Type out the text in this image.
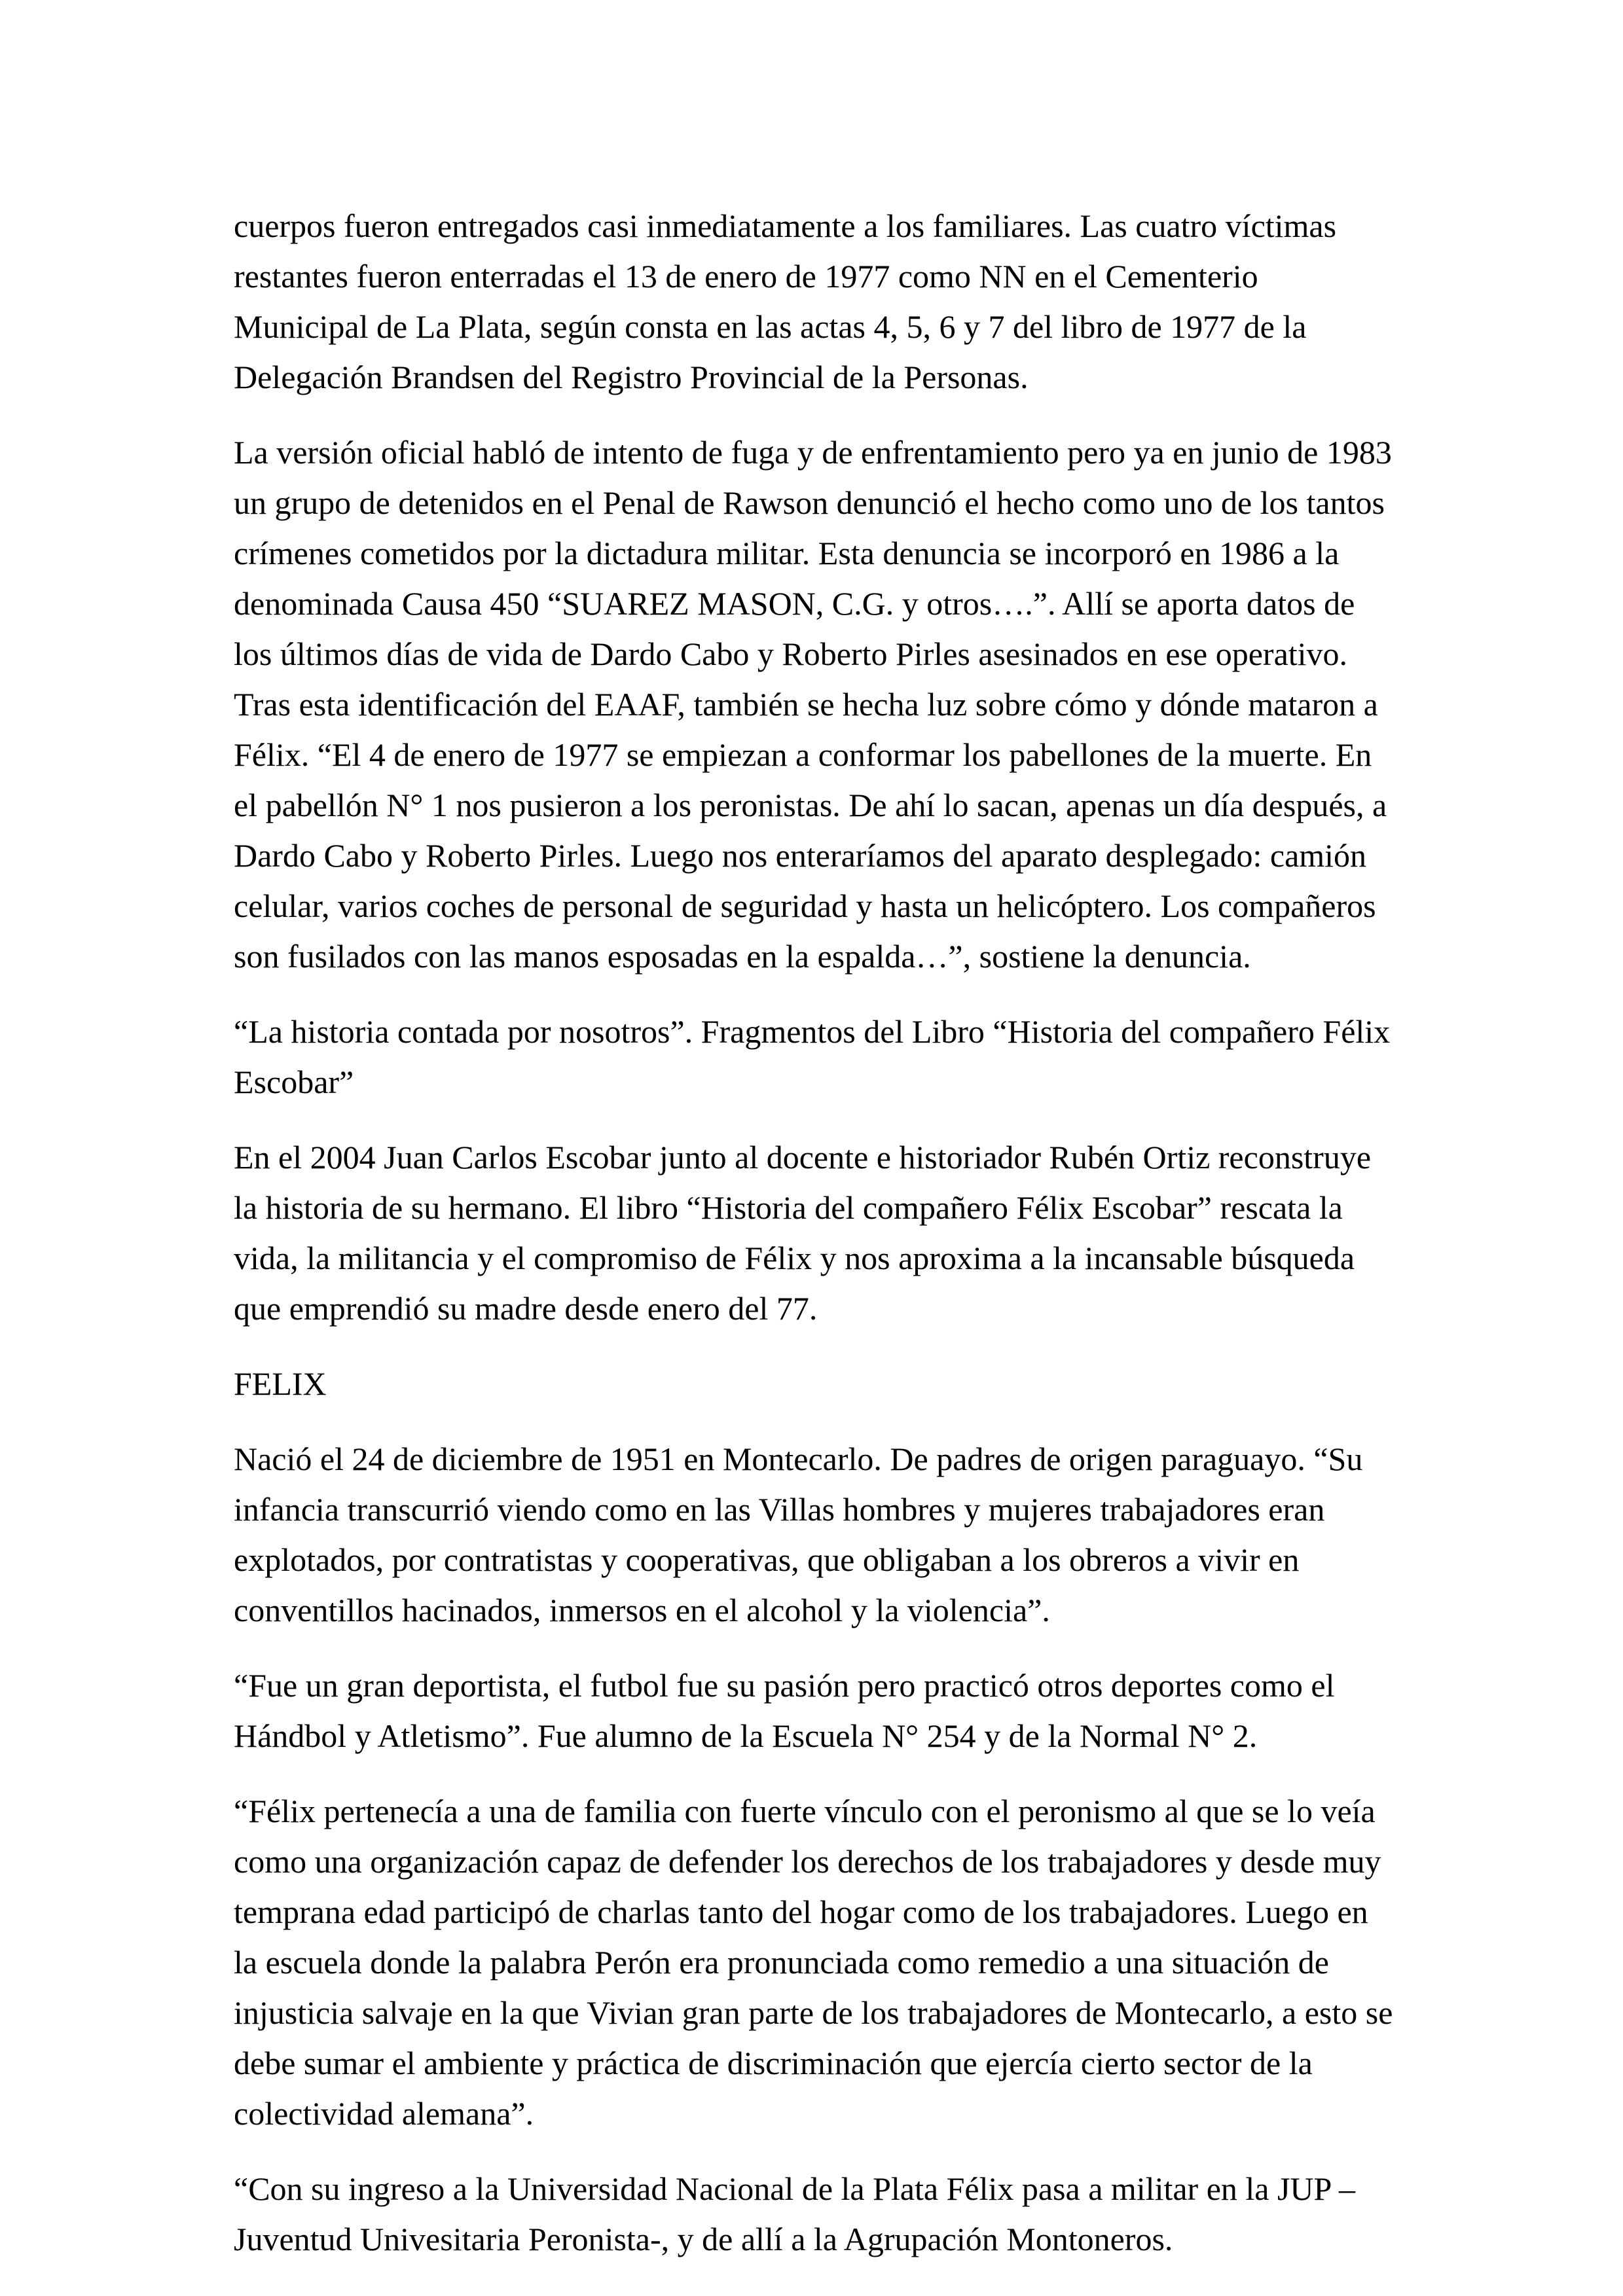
cuerpos fueron entregados casi inmediatamente a los familiares. Las cuatro víctimas restantes fueron enterradas el 13 de enero de 1977 como NN en el Cementerio Municipal de La Plata, según consta en las actas 4, 5, 6 y 7 del libro de 1977 de la Delegación Brandsen del Registro Provincial de la Personas.

La versión oficial habló de intento de fuga y de enfrentamiento pero ya en junio de 1983 un grupo de detenidos en el Penal de Rawson denunció el hecho como uno de los tantos crímenes cometidos por la dictadura militar. Esta denuncia se incorporó en 1986 a la denominada Causa 450 “SUAREZ MASON, C.G. y otros….”. Allí se aporta datos de los últimos días de vida de Dardo Cabo y Roberto Pirles asesinados en ese operativo. Tras esta identificación del EAAF, también se hecha luz sobre cómo y dónde mataron a Félix. “El 4 de enero de 1977 se empiezan a conformar los pabellones de la muerte. En el pabellón N° 1 nos pusieron a los peronistas. De ahí lo sacan, apenas un día después, a Dardo Cabo y Roberto Pirles. Luego nos enteraríamos del aparato desplegado: camión celular, varios coches de personal de seguridad y hasta un helicóptero. Los compañeros son fusilados con las manos esposadas en la espalda…”, sostiene la denuncia.

“La historia contada por nosotros”. Fragmentos del Libro “Historia del compañero Félix Escobar”

En el 2004 Juan Carlos Escobar junto al docente e historiador Rubén Ortiz reconstruye la historia de su hermano. El libro “Historia del compañero Félix Escobar” rescata la vida, la militancia y el compromiso de Félix y nos aproxima a la incansable búsqueda que emprendió su madre desde enero del 77.

FELIX

Nació el 24 de diciembre de 1951 en Montecarlo. De padres de origen paraguayo. “Su infancia transcurrió viendo como en las Villas hombres y mujeres trabajadores eran explotados, por contratistas y cooperativas, que obligaban a los obreros a vivir en conventillos hacinados, inmersos en el alcohol y la violencia”.

“Fue un gran deportista, el futbol fue su pasión pero practicó otros deportes como el Hándbol y Atletismo”. Fue alumno de la Escuela N° 254 y de la Normal N° 2.

“Félix pertenecía a una de familia con fuerte vínculo con el peronismo al que se lo veía como una organización capaz de defender los derechos de los trabajadores y desde muy temprana edad participó de charlas tanto del hogar como de los trabajadores. Luego en la escuela donde la palabra Perón era pronunciada como remedio a una situación de injusticia salvaje en la que Vivian gran parte de los trabajadores de Montecarlo, a esto se debe sumar el ambiente y práctica de discriminación que ejercía cierto sector de la colectividad alemana”.

“Con su ingreso a la Universidad Nacional de la Plata Félix pasa a militar en la JUP –Juventud Univesitaria Peronista-, y de allí a la Agrupación Montoneros.
